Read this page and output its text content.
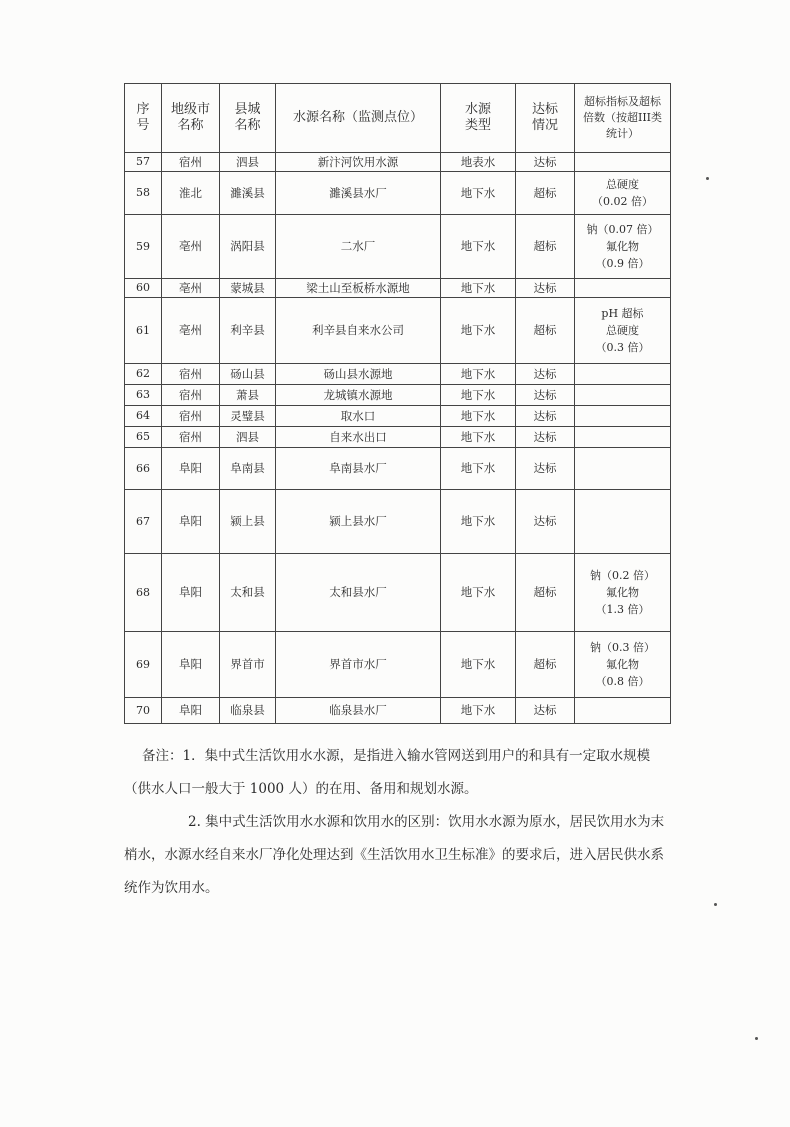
序号	地级市名称	县城名称	水源名称（监测点位）	水源类型	达标情况	超标指标及超标倍数（按超III类统计）
57	宿州	泗县	新汴河饮用水源	地表水	达标	
58	淮北	濉溪县	濉溪县水厂	地下水	超标	总硬度
（0.02 倍）

59	亳州	涡阳县	二水厂	地下水	超标	钠（0.07 倍）
氟化物
（0.9 倍）

60	亳州	蒙城县	梁土山至板桥水源地	地下水	达标	
61	亳州	利辛县	利辛县自来水公司	地下水	超标	pH 超标
总硬度
（0.3 倍）

62	宿州	砀山县	砀山县水源地	地下水	达标	
63	宿州	萧县	龙城镇水源地	地下水	达标	
64	宿州	灵璧县	取水口	地下水	达标	
65	宿州	泗县	自来水出口	地下水	达标	
66	阜阳	阜南县	阜南县水厂	地下水	达标	
67	阜阳	颍上县	颍上县水厂	地下水	达标	
68	阜阳	太和县	太和县水厂	地下水	超标	钠（0.2 倍）
氟化物
（1.3 倍）

69	阜阳	界首市	界首市水厂	地下水	超标	钠（0.3 倍）
氟化物
（0.8 倍）

70	阜阳	临泉县	临泉县水厂	地下水	达标	

备注：1．集中式生活饮用水水源，是指进入输水管网送到用户的和具有一定取水规模（供水人口一般大于 1000 人）的在用、备用和规划水源。

2. 集中式生活饮用水水源和饮用水的区别：饮用水水源为原水，居民饮用水为末梢水，水源水经自来水厂净化处理达到《生活饮用水卫生标准》的要求后，进入居民供水系统作为饮用水。
